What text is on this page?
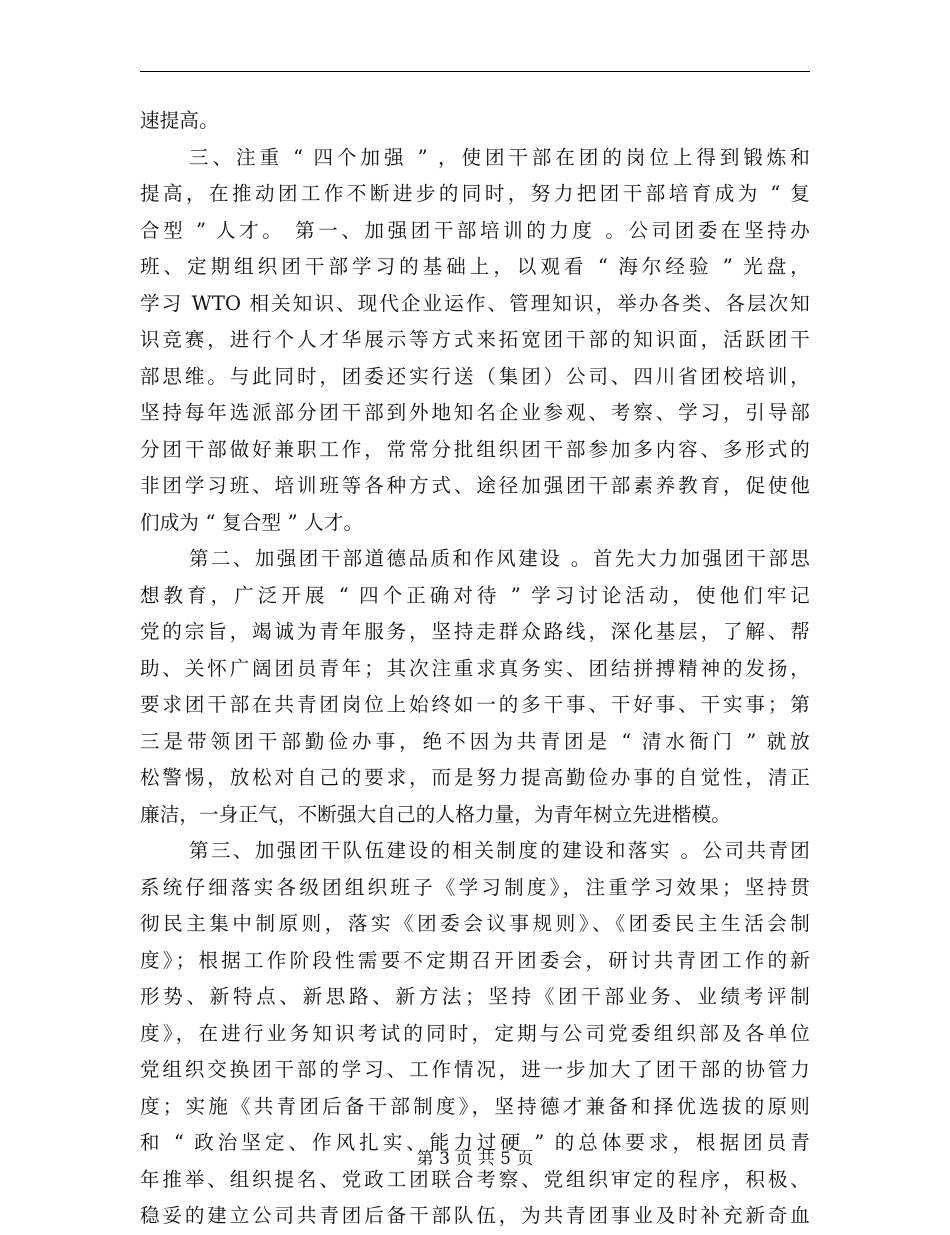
速提高。
三、注重 “ 四个加强 ” ，使团干部在团的岗位上得到锻炼和
提高，在推动团工作不断进步的同时，努力把团干部培育成为 “ 复
合型 ” 人才。 第一、加强团干部培训的力度 。公司团委在坚持办
班、定期组织团干部学习的基础上，以观看 “ 海尔经验 ” 光盘，
学习 WTO 相关知识、现代企业运作、管理知识，举办各类、各层次知
识竞赛，进行个人才华展示等方式来拓宽团干部的知识面，活跃团干
部思维。与此同时，团委还实行送（集团）公司、四川省团校培训，
坚持每年选派部分团干部到外地知名企业参观、考察、学习，引导部
分团干部做好兼职工作，常常分批组织团干部参加多内容、多形式的
非团学习班、培训班等各种方式、途径加强团干部素养教育，促使他
们成为 “ 复合型 ” 人才。
第二、加强团干部道德品质和作风建设 。首先大力加强团干部思
想教育，广泛开展 “ 四个正确对待 ” 学习讨论活动，使他们牢记
党的宗旨，竭诚为青年服务，坚持走群众路线，深化基层，了解、帮
助、关怀广阔团员青年；其次注重求真务实、团结拼搏精神的发扬，
要求团干部在共青团岗位上始终如一的多干事、干好事、干实事；第
三是带领团干部勤俭办事，绝不因为共青团是 “ 清水衙门 ” 就放
松警惕，放松对自己的要求，而是努力提高勤俭办事的自觉性，清正
廉洁，一身正气，不断强大自己的人格力量，为青年树立先进楷模。
第三、加强团干队伍建设的相关制度的建设和落实 。公司共青团
系统仔细落实各级团组织班子《学习制度》，注重学习效果；坚持贯
彻民主集中制原则，落实《团委会议事规则》、《团委民主生活会制
度》；根据工作阶段性需要不定期召开团委会，研讨共青团工作的新
形势、新特点、新思路、新方法；坚持《团干部业务、业绩考评制
度》，在进行业务知识考试的同时，定期与公司党委组织部及各单位
党组织交换团干部的学习、工作情况，进一步加大了团干部的协管力
度；实施《共青团后备干部制度》，坚持德才兼备和择优选拔的原则
和 “ 政治坚定、作风扎实、能力过硬 ” 的总体要求，根据团员青
年推举、组织提名、党政工团联合考察、党组织审定的程序，积极、
稳妥的建立公司共青团后备干部队伍，为共青团事业及时补充新奇血
第 3 页 共 5 页
